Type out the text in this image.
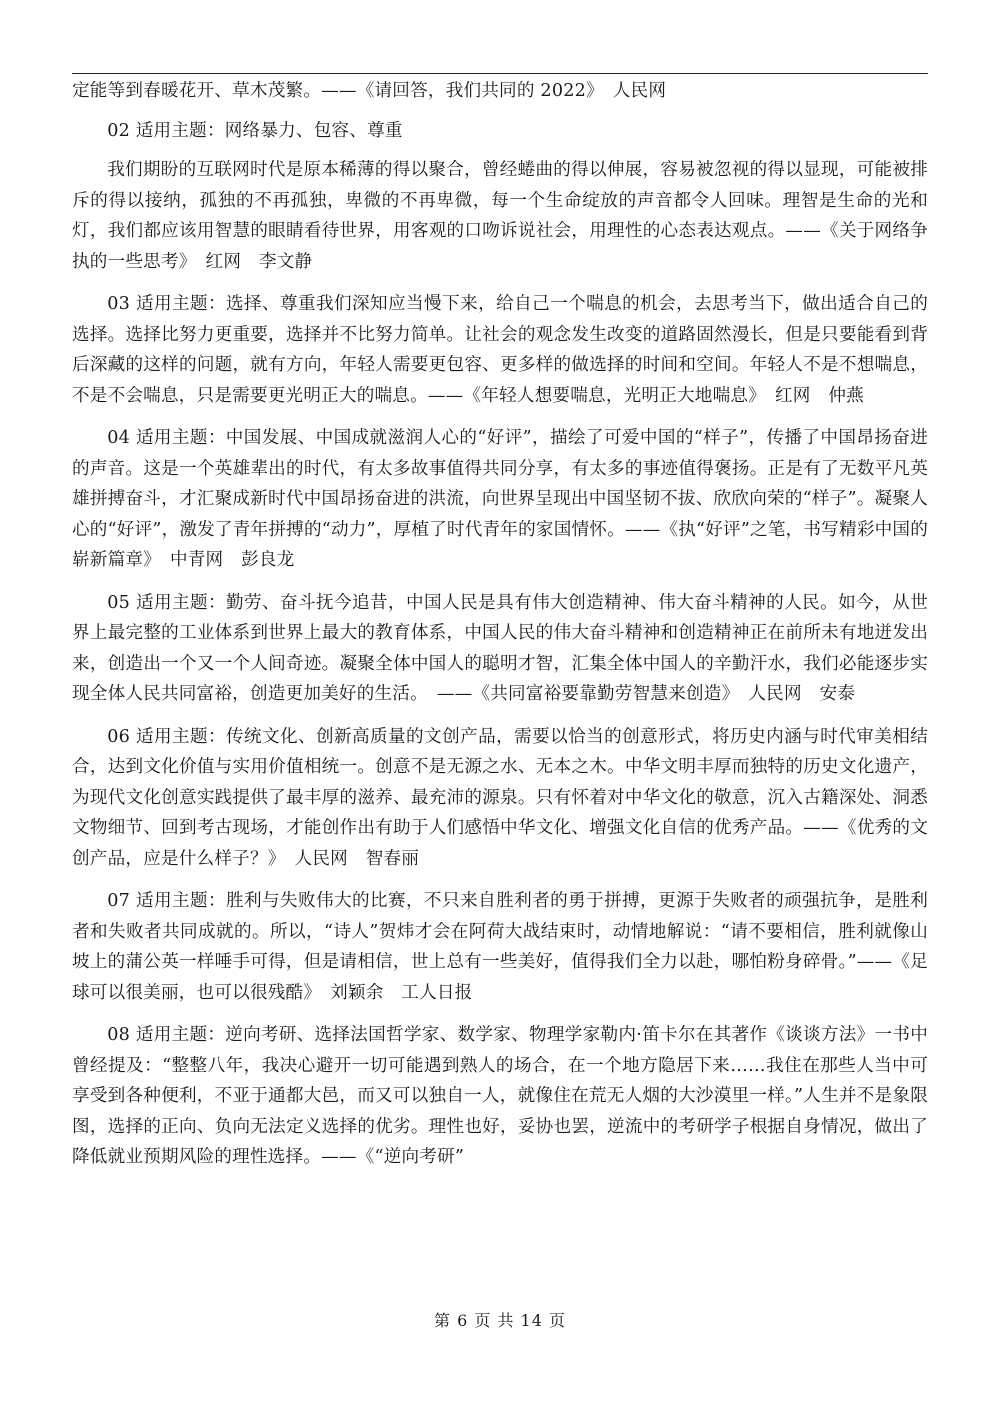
定能等到春暖花开、草木茂繁。——《请回答，我们共同的 2022》　人民网

02 适用主题：网络暴力、包容、尊重

我们期盼的互联网时代是原本稀薄的得以聚合，曾经蜷曲的得以伸展，容易被忽视的得以显现，可能被排斥的得以接纳，孤独的不再孤独，卑微的不再卑微，每一个生命绽放的声音都令人回味。理智是生命的光和灯，我们都应该用智慧的眼睛看待世界，用客观的口吻诉说社会，用理性的心态表达观点。——《关于网络争执的一些思考》　红网　李文静

03 适用主题：选择、尊重我们深知应当慢下来，给自己一个喘息的机会，去思考当下，做出适合自己的选择。选择比努力更重要，选择并不比努力简单。让社会的观念发生改变的道路固然漫长，但是只要能看到背后深藏的这样的问题，就有方向，年轻人需要更包容、更多样的做选择的时间和空间。年轻人不是不想喘息，不是不会喘息，只是需要更光明正大的喘息。——《年轻人想要喘息，光明正大地喘息》　红网　仲燕

04 适用主题：中国发展、中国成就滋润人心的“好评”，描绘了可爱中国的“样子”，传播了中国昂扬奋进的声音。这是一个英雄辈出的时代，有太多故事值得共同分享，有太多的事迹值得褒扬。正是有了无数平凡英雄拼搏奋斗，才汇聚成新时代中国昂扬奋进的洪流，向世界呈现出中国坚韧不拔、欣欣向荣的“样子”。凝聚人心的“好评”，激发了青年拼搏的“动力”，厚植了时代青年的家国情怀。——《执“好评”之笔，书写精彩中国的崭新篇章》　中青网　彭良龙

05 适用主题：勤劳、奋斗抚今追昔，中国人民是具有伟大创造精神、伟大奋斗精神的人民。如今，从世界上最完整的工业体系到世界上最大的教育体系，中国人民的伟大奋斗精神和创造精神正在前所未有地迸发出来，创造出一个又一个人间奇迹。凝聚全体中国人的聪明才智，汇集全体中国人的辛勤汗水，我们必能逐步实现全体人民共同富裕，创造更加美好的生活。　——《共同富裕要靠勤劳智慧来创造》　人民网　安泰

06 适用主题：传统文化、创新高质量的文创产品，需要以恰当的创意形式，将历史内涵与时代审美相结合，达到文化价值与实用价值相统一。创意不是无源之水、无本之木。中华文明丰厚而独特的历史文化遗产，为现代文化创意实践提供了最丰厚的滋养、最充沛的源泉。只有怀着对中华文化的敬意，沉入古籍深处、洞悉文物细节、回到考古现场，才能创作出有助于人们感悟中华文化、增强文化自信的优秀产品。——《优秀的文创产品，应是什么样子？》　人民网　智春丽

07 适用主题：胜利与失败伟大的比赛，不只来自胜利者的勇于拼搏，更源于失败者的顽强抗争，是胜利者和失败者共同成就的。所以，“诗人”贺炜才会在阿荷大战结束时，动情地解说：“请不要相信，胜利就像山坡上的蒲公英一样唾手可得，但是请相信，世上总有一些美好，值得我们全力以赴，哪怕粉身碎骨。”——《足球可以很美丽，也可以很残酷》　刘颖余　工人日报

08 适用主题：逆向考研、选择法国哲学家、数学家、物理学家勒内·笛卡尔在其著作《谈谈方法》一书中曾经提及：“整整八年，我决心避开一切可能遇到熟人的场合，在一个地方隐居下来……我住在那些人当中可享受到各种便利，不亚于通都大邑，而又可以独自一人，就像住在荒无人烟的大沙漠里一样。”人生并不是象限图，选择的正向、负向无法定义选择的优劣。理性也好，妥协也罢，逆流中的考研学子根据自身情况，做出了降低就业预期风险的理性选择。——《“逆向考研”

第 6 页 共 14 页
